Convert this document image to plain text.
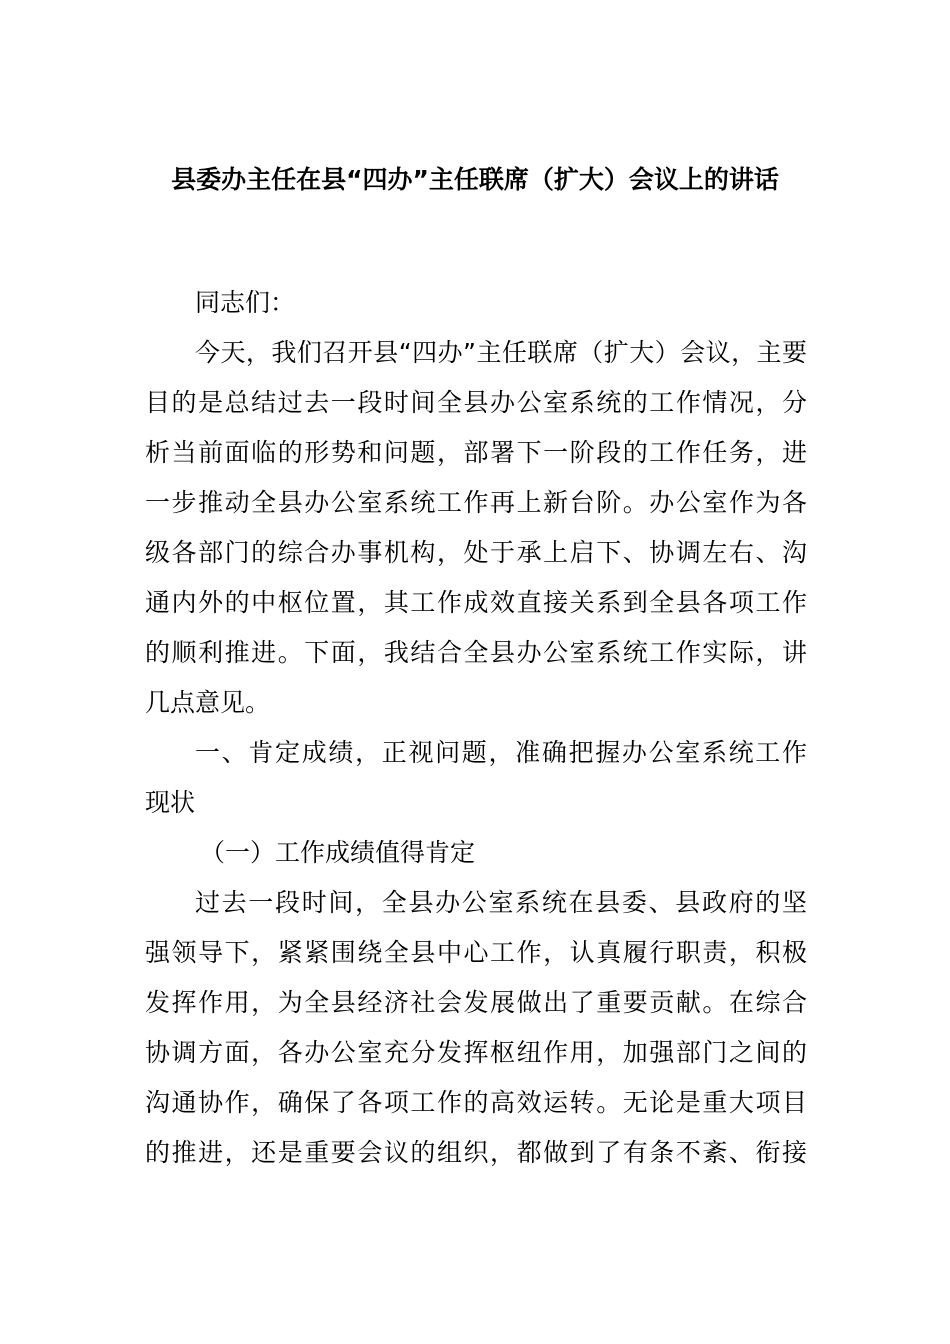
县委办主任在县“四办”主任联席（扩大）会议上的讲话
同志们：
今天，我们召开县“四办”主任联席（扩大）会议，主要
目的是总结过去一段时间全县办公室系统的工作情况，分
析当前面临的形势和问题，部署下一阶段的工作任务，进
一步推动全县办公室系统工作再上新台阶。办公室作为各
级各部门的综合办事机构，处于承上启下、协调左右、沟
通内外的中枢位置，其工作成效直接关系到全县各项工作
的顺利推进。下面，我结合全县办公室系统工作实际，讲
几点意见。
一、肯定成绩，正视问题，准确把握办公室系统工作
现状
（一）工作成绩值得肯定
过去一段时间，全县办公室系统在县委、县政府的坚
强领导下，紧紧围绕全县中心工作，认真履行职责，积极
发挥作用，为全县经济社会发展做出了重要贡献。在综合
协调方面，各办公室充分发挥枢纽作用，加强部门之间的
沟通协作，确保了各项工作的高效运转。无论是重大项目
的推进，还是重要会议的组织，都做到了有条不紊、衔接
